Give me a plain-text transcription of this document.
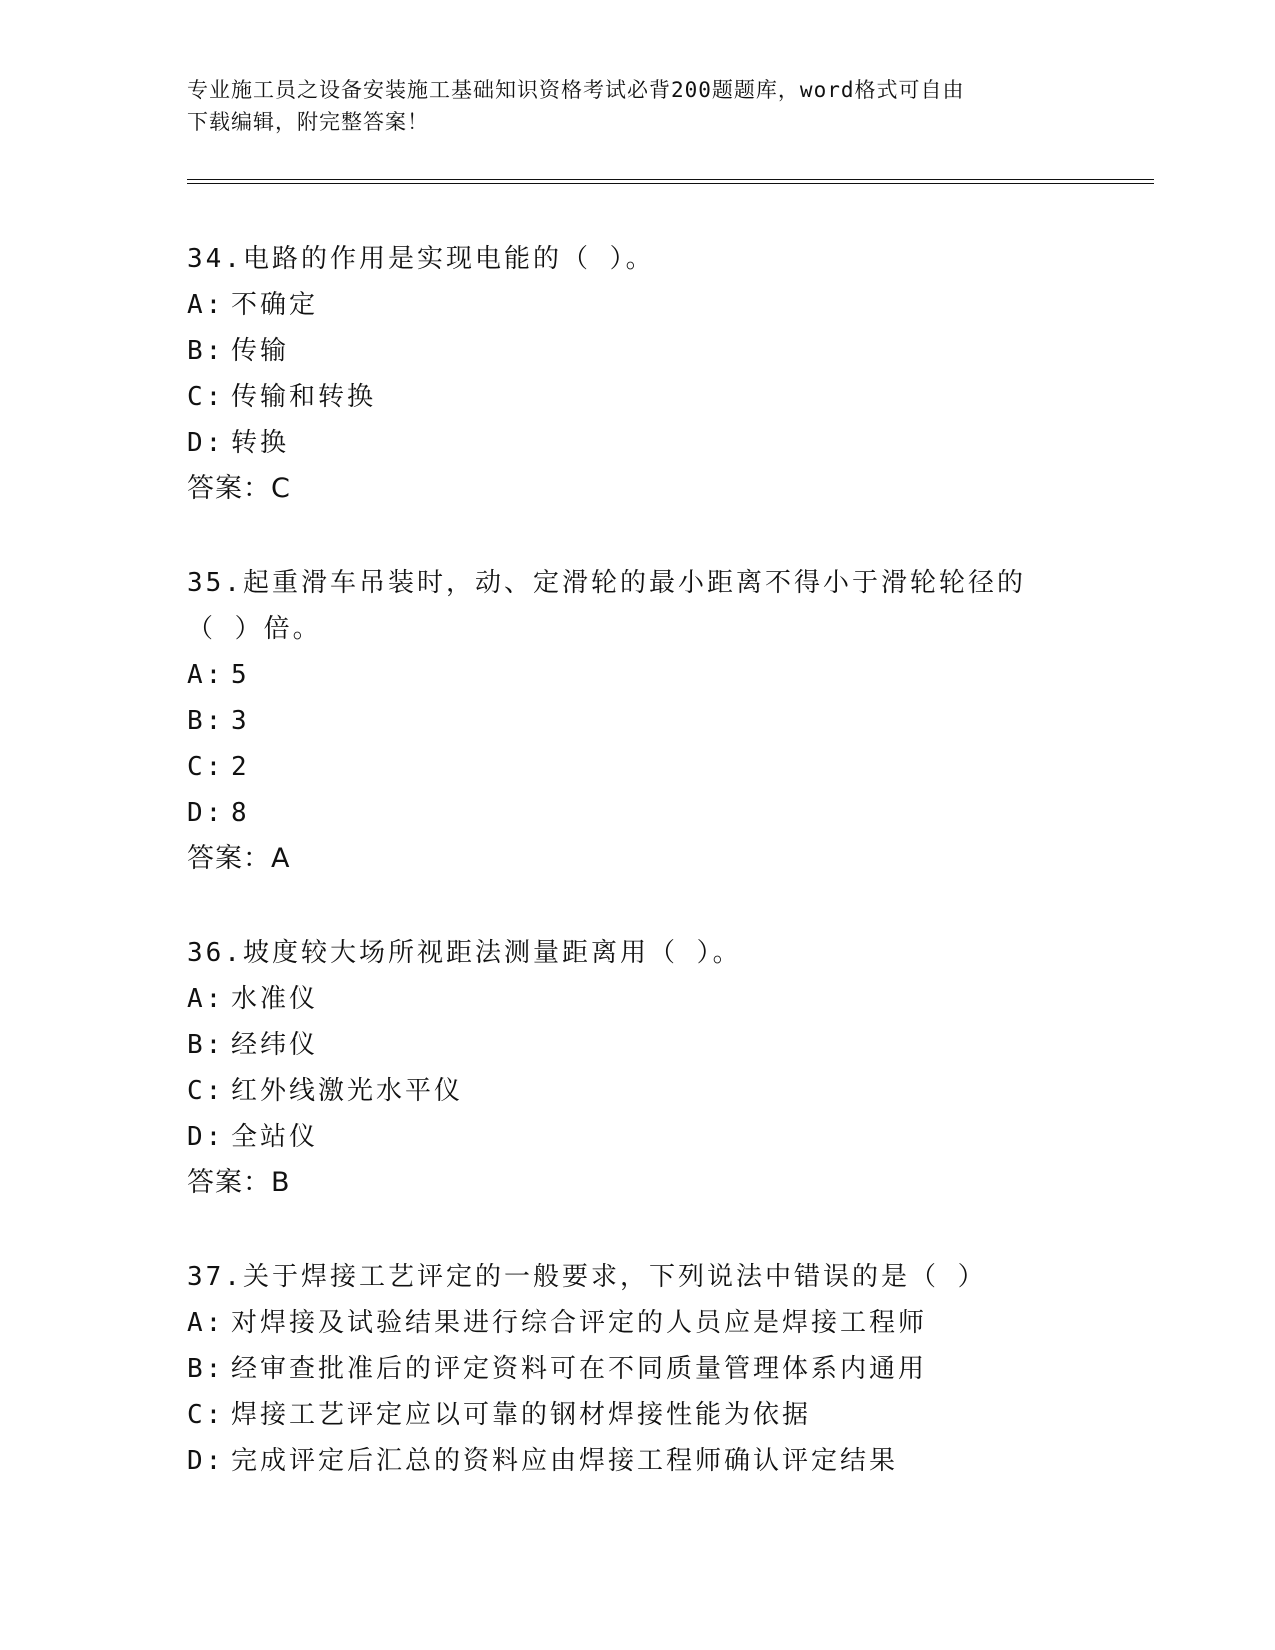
专业施工员之设备安装施工基础知识资格考试必背200题题库，word格式可自由
下载编辑，附完整答案！
34.电路的作用是实现电能的（ ）。
A: 不确定
B: 传输
C: 传输和转换
D: 转换
答案：C
35.起重滑车吊装时，动、定滑轮的最小距离不得小于滑轮轮径的（ ）倍。
A: 5
B: 3
C: 2
D: 8
答案：A
36.坡度较大场所视距法测量距离用（ ）。
A: 水准仪
B: 经纬仪
C: 红外线激光水平仪
D: 全站仪
答案：B
37.关于焊接工艺评定的一般要求，下列说法中错误的是（ ）
A: 对焊接及试验结果进行综合评定的人员应是焊接工程师
B: 经审查批准后的评定资料可在不同质量管理体系内通用
C: 焊接工艺评定应以可靠的钢材焊接性能为依据
D: 完成评定后汇总的资料应由焊接工程师确认评定结果
